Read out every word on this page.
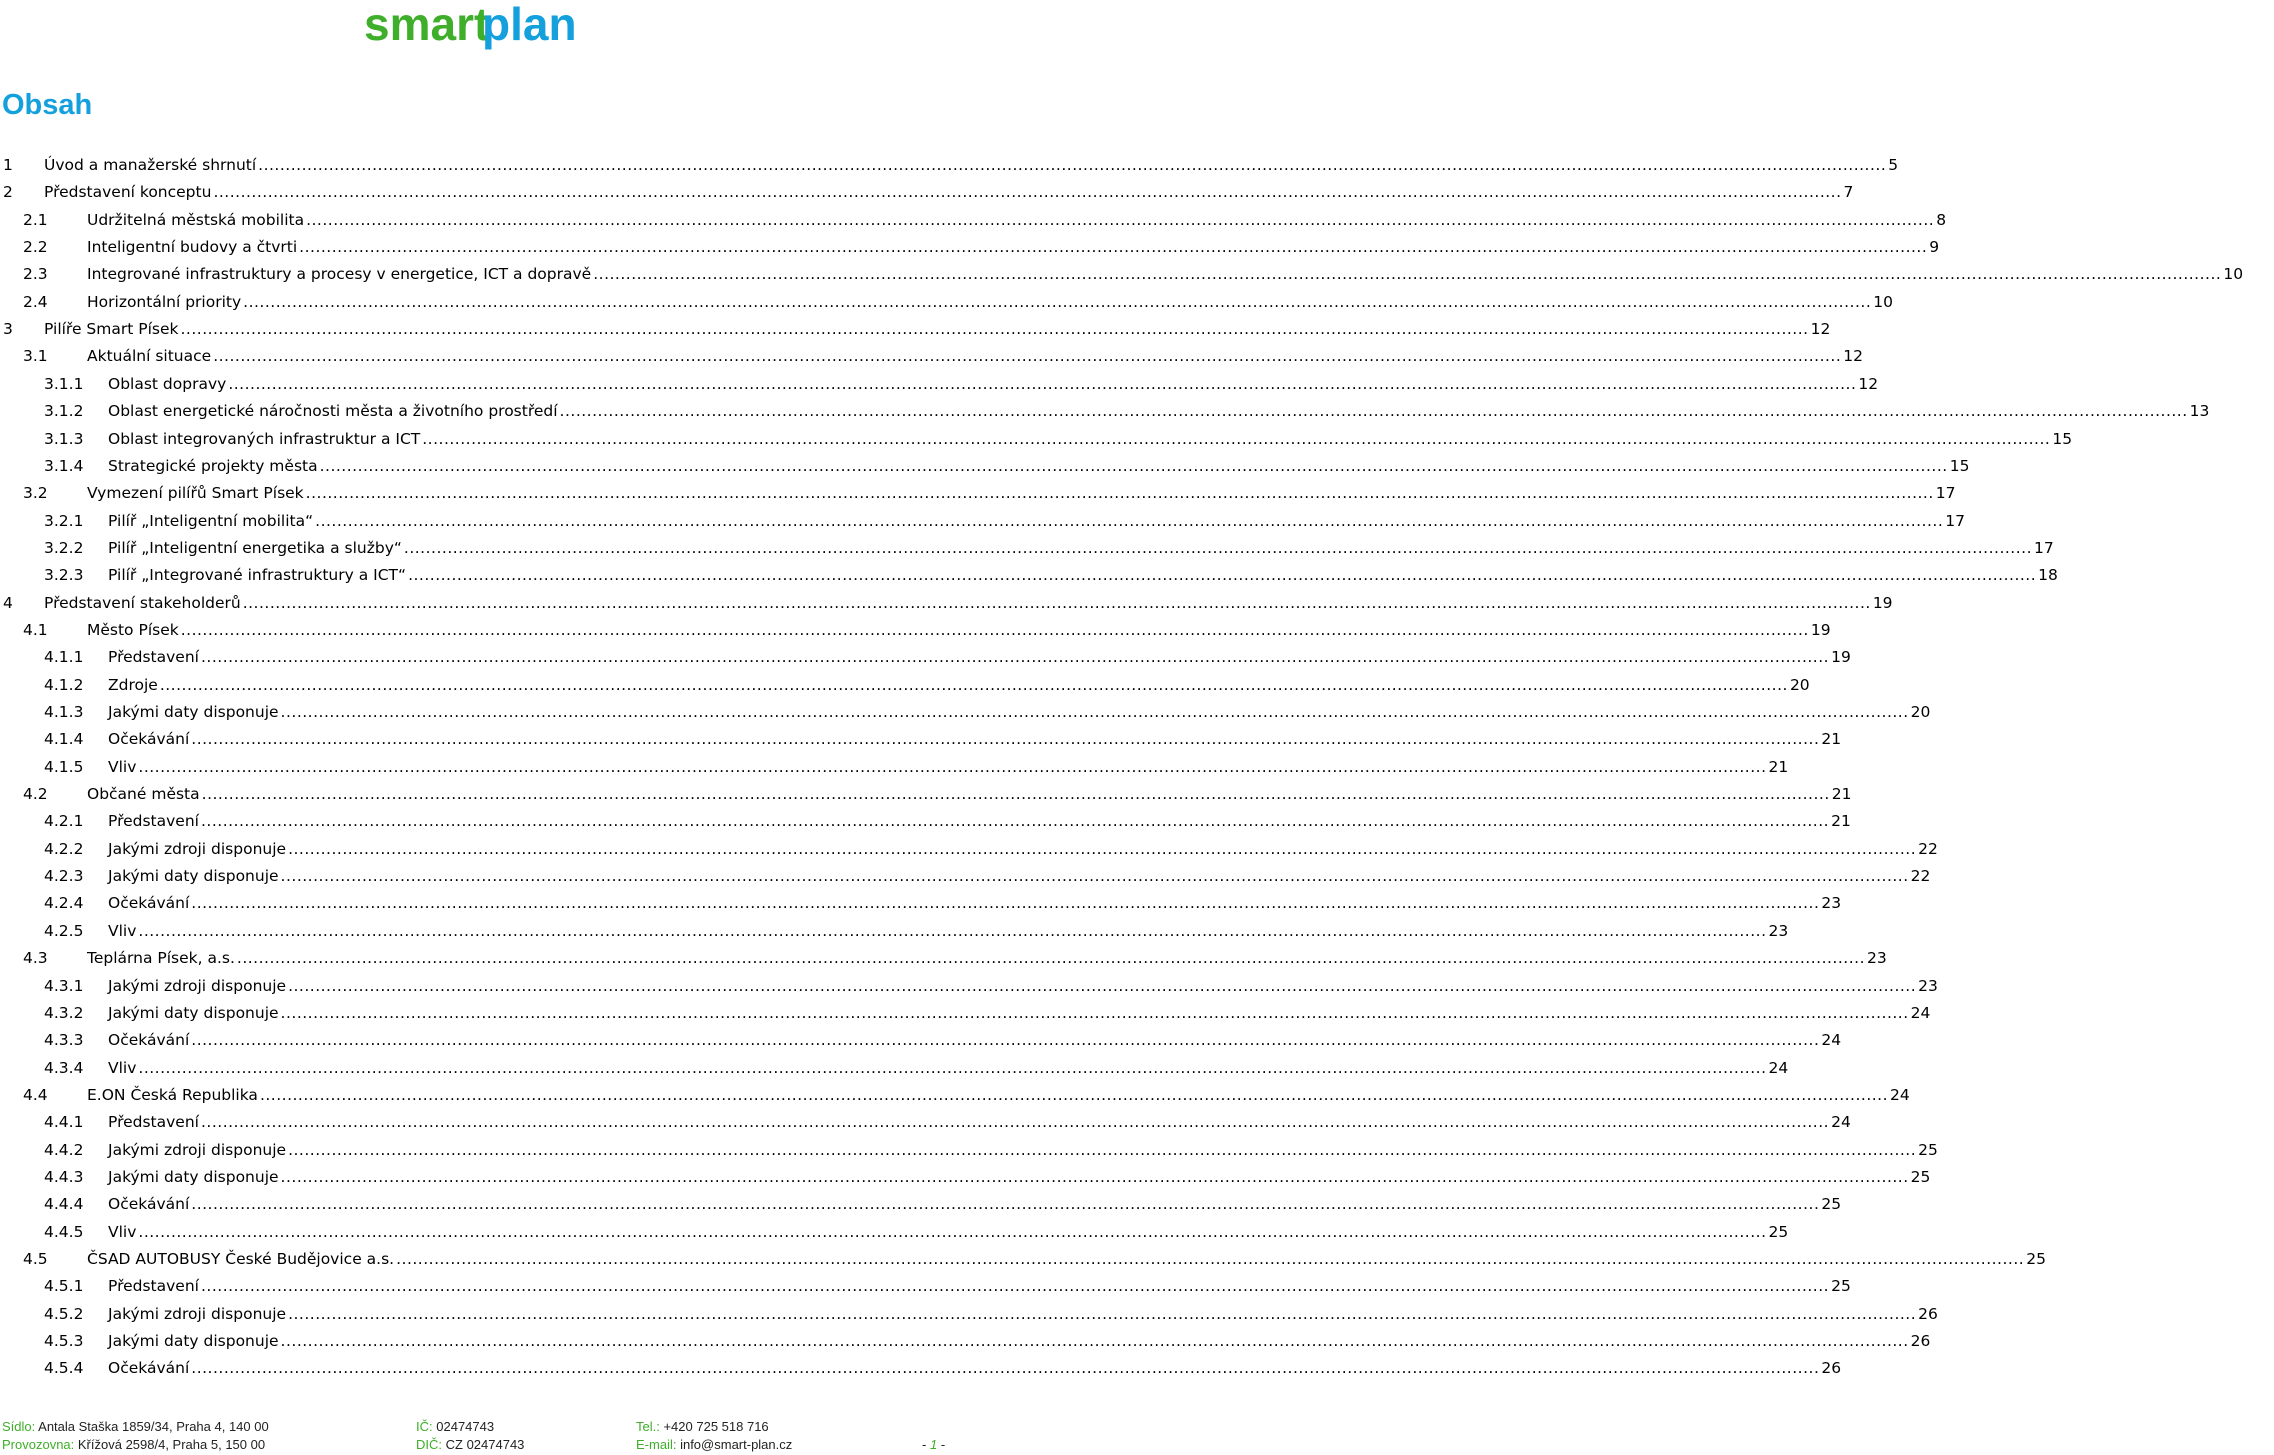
smart
plan
Obsah
1 Úvod a manažerské shrnutí ............................................................................................................................................................................................................................................................................................................ 5
2 Představení konceptu ............................................................................................................................................................................................................................................................................................................ 7
2.1	Udržitelná městská mobilita ............................................................................................................................................................................................................................................................................................................ 8
2.2	Inteligentní budovy a čtvrti ............................................................................................................................................................................................................................................................................................................ 9
2.3	Integrované infrastruktury a procesy v energetice, ICT a dopravě ............................................................................................................................................................................................................................................................................................................ 10
2.4	Horizontální priority ............................................................................................................................................................................................................................................................................................................ 10
3 Pilíře Smart Písek ............................................................................................................................................................................................................................................................................................................ 12
3.1	Aktuální situace ............................................................................................................................................................................................................................................................................................................ 12
3.1.1 Oblast dopravy ............................................................................................................................................................................................................................................................................................................ 12
3.1.2 Oblast energetické náročnosti města a životního prostředí ............................................................................................................................................................................................................................................................................................................ 13
3.1.3 Oblast integrovaných infrastruktur a ICT ............................................................................................................................................................................................................................................................................................................ 15
3.1.4 Strategické projekty města ............................................................................................................................................................................................................................................................................................................ 15
3.2	Vymezení pilířů Smart Písek ............................................................................................................................................................................................................................................................................................................ 17
3.2.1 Pilíř „Inteligentní mobilita“ ............................................................................................................................................................................................................................................................................................................ 17
3.2.2 Pilíř „Inteligentní energetika a služby“ ............................................................................................................................................................................................................................................................................................................ 17
3.2.3 Pilíř „Integrované infrastruktury a ICT“ ............................................................................................................................................................................................................................................................................................................ 18
4 Představení stakeholderů ............................................................................................................................................................................................................................................................................................................ 19
4.1	Město Písek ............................................................................................................................................................................................................................................................................................................ 19
4.1.1 Představení ............................................................................................................................................................................................................................................................................................................ 19
4.1.2 Zdroje ............................................................................................................................................................................................................................................................................................................ 20
4.1.3 Jakými daty disponuje ............................................................................................................................................................................................................................................................................................................ 20
4.1.4 Očekávání ............................................................................................................................................................................................................................................................................................................ 21
4.1.5 Vliv ............................................................................................................................................................................................................................................................................................................ 21
4.2	Občané města ............................................................................................................................................................................................................................................................................................................ 21
4.2.1 Představení ............................................................................................................................................................................................................................................................................................................ 21
4.2.2 Jakými zdroji disponuje ............................................................................................................................................................................................................................................................................................................ 22
4.2.3 Jakými daty disponuje ............................................................................................................................................................................................................................................................................................................ 22
4.2.4 Očekávání ............................................................................................................................................................................................................................................................................................................ 23
4.2.5 Vliv ............................................................................................................................................................................................................................................................................................................ 23
4.3	Teplárna Písek, a.s. ............................................................................................................................................................................................................................................................................................................ 23
4.3.1 Jakými zdroji disponuje ............................................................................................................................................................................................................................................................................................................ 23
4.3.2 Jakými daty disponuje ............................................................................................................................................................................................................................................................................................................ 24
4.3.3 Očekávání ............................................................................................................................................................................................................................................................................................................ 24
4.3.4 Vliv ............................................................................................................................................................................................................................................................................................................ 24
4.4	E.ON Česká Republika ............................................................................................................................................................................................................................................................................................................ 24
4.4.1 Představení ............................................................................................................................................................................................................................................................................................................ 24
4.4.2 Jakými zdroji disponuje ............................................................................................................................................................................................................................................................................................................ 25
4.4.3 Jakými daty disponuje ............................................................................................................................................................................................................................................................................................................ 25
4.4.4 Očekávání ............................................................................................................................................................................................................................................................................................................ 25
4.4.5 Vliv ............................................................................................................................................................................................................................................................................................................ 25
4.5	ČSAD AUTOBUSY České Budějovice a.s. ............................................................................................................................................................................................................................................................................................................ 25
4.5.1 Představení ............................................................................................................................................................................................................................................................................................................ 25
4.5.2 Jakými zdroji disponuje ............................................................................................................................................................................................................................................................................................................ 26
4.5.3 Jakými daty disponuje ............................................................................................................................................................................................................................................................................................................ 26
4.5.4 Očekávání ............................................................................................................................................................................................................................................................................................................ 26
Sídlo: Antala Staška 1859/34, Praha 4, 140 00
Provozovna: Křížová 2598/4, Praha 5, 150 00
IČ: 02474743
DIČ: CZ 02474743
Tel.: +420 725 518 716
E-mail: info@smart-plan.cz	- 1 -
